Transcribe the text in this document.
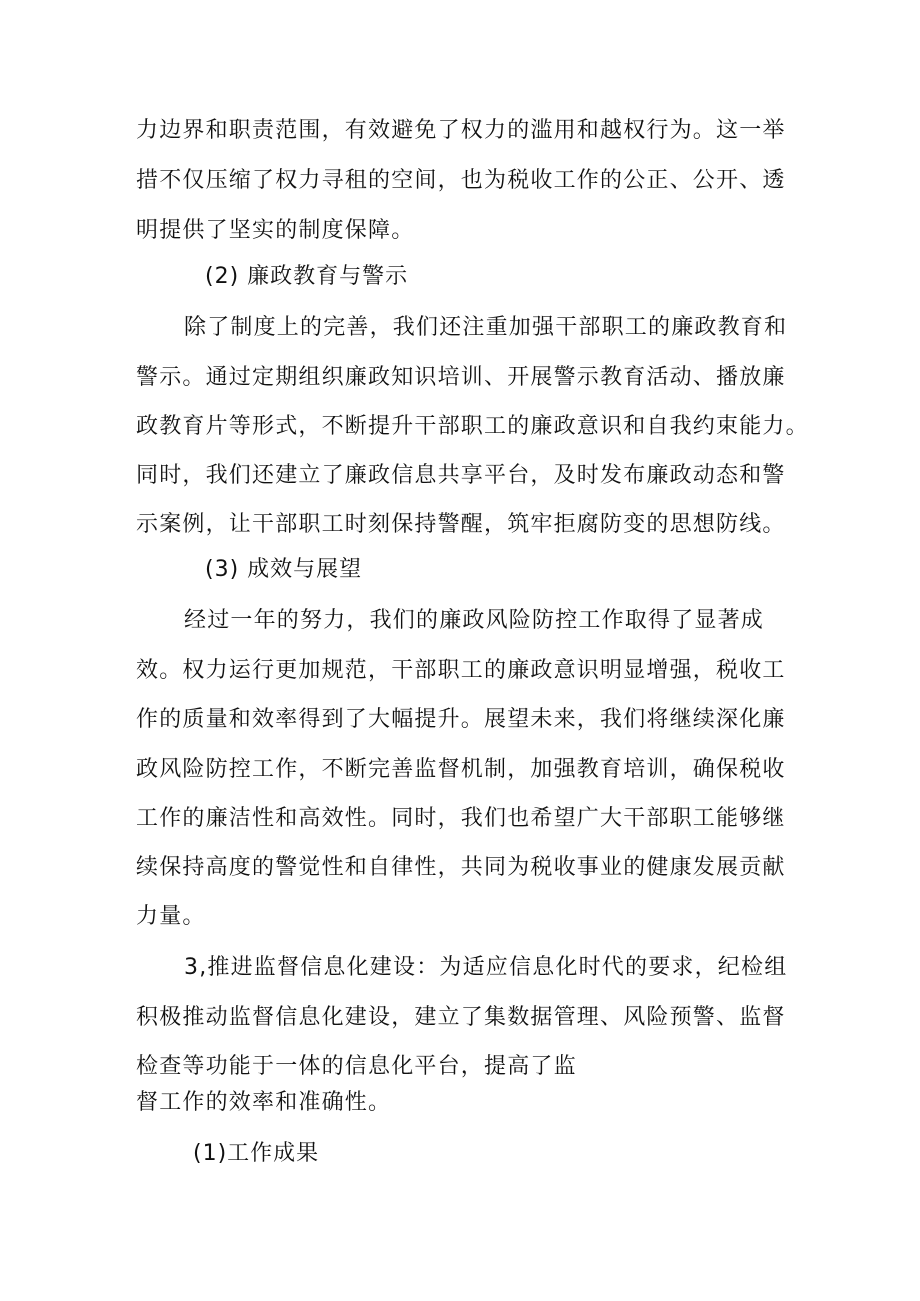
力边界和职责范围，有效避免了权力的滥用和越权行为。这一举
措不仅压缩了权力寻租的空间，也为税收工作的公正、公开、透
明提供了坚实的制度保障。
(2) 廉政教育与警示
除了制度上的完善，我们还注重加强干部职工的廉政教育和
警示。通过定期组织廉政知识培训、开展警示教育活动、播放廉
政教育片等形式，不断提升干部职工的廉政意识和自我约束能力。
同时，我们还建立了廉政信息共享平台，及时发布廉政动态和警
示案例，让干部职工时刻保持警醒，筑牢拒腐防变的思想防线。
(3) 成效与展望
经过一年的努力，我们的廉政风险防控工作取得了显著成
效。权力运行更加规范，干部职工的廉政意识明显增强，税收工
作的质量和效率得到了大幅提升。展望未来，我们将继续深化廉
政风险防控工作，不断完善监督机制，加强教育培训，确保税收
工作的廉洁性和高效性。同时，我们也希望广大干部职工能够继
续保持高度的警觉性和自律性，共同为税收事业的健康发展贡献
力量。
3,推进监督信息化建设：为适应信息化时代的要求，纪检组
积极推动监督信息化建设，建立了集数据管理、风险预警、监督
检查等功能于一体的信息化平台，提高了监
督工作的效率和准确性。
(1)工作成果
